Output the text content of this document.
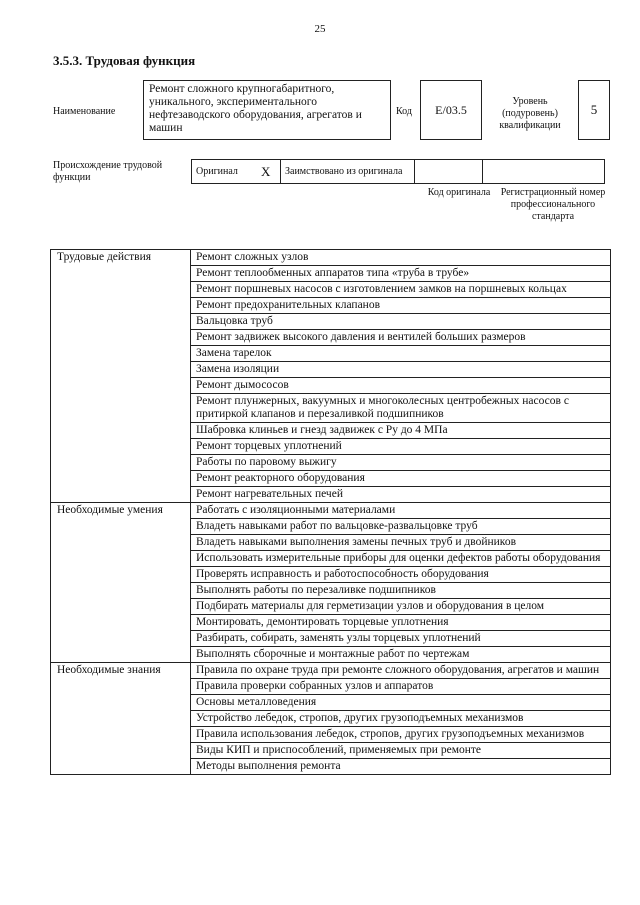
25
3.5.3. Трудовая функция
Наименование
Ремонт сложного крупногабаритного, уникального, экспериментального нефтезаводского оборудования, агрегатов и машин
Код	E/03.5
Уровень (подуровень) квалификации
5
Происхождение трудовой функции
Оригинал	X	Заимствовано из оригинала		
Код оригинала	Регистрационный номер профессионального стандарта
Трудовые действия	Ремонт сложных узлов
	Ремонт теплообменных аппаратов типа «труба в трубе»
	Ремонт поршневых насосов с изготовлением замков на поршневых кольцах
	Ремонт предохранительных клапанов
	Вальцовка труб
	Ремонт задвижек высокого давления и вентилей больших размеров
	Замена тарелок
	Замена изоляции
	Ремонт дымососов
	Ремонт плунжерных, вакуумных и многоколесных центробежных насосов с притиркой клапанов и перезаливкой подшипников
	Шабровка клиньев и гнезд задвижек с Pу до 4 МПа
	Ремонт торцевых уплотнений
	Работы по паровому выжигу
	Ремонт реакторного оборудования
	Ремонт нагревательных печей
Необходимые умения	Работать с изоляционными материалами
	Владеть навыками работ по вальцовке-развальцовке труб
	Владеть навыками выполнения замены печных труб и двойников
	Использовать измерительные приборы для оценки дефектов работы оборудования
	Проверять исправность и работоспособность оборудования
	Выполнять работы по перезаливке подшипников
	Подбирать материалы для герметизации узлов и оборудования в целом
	Монтировать, демонтировать торцевые уплотнения
	Разбирать, собирать, заменять узлы торцевых уплотнений
	Выполнять сборочные и монтажные работ по чертежам
Необходимые знания	Правила по охране труда при ремонте сложного оборудования, агрегатов и машин
	Правила проверки собранных узлов и аппаратов
	Основы металловедения
	Устройство лебедок, стропов, других грузоподъемных механизмов
	Правила использования лебедок, стропов, других грузоподъемных механизмов
	Виды КИП и приспособлений, применяемых при ремонте
	Методы выполнения ремонта
